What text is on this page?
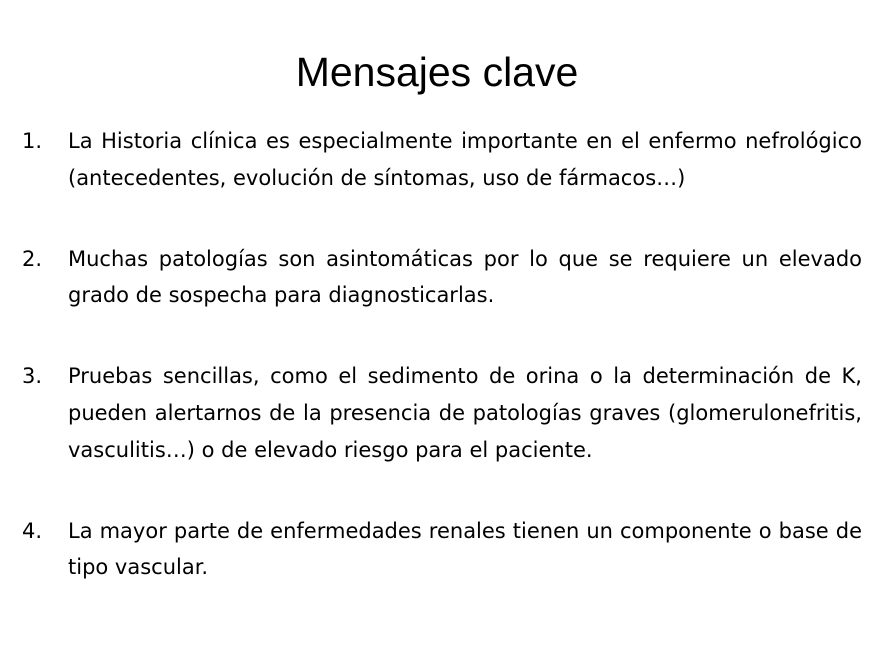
Mensajes clave
1. La Historia clínica es especialmente importante en el enfermo nefrológico (antecedentes, evolución de síntomas, uso de fármacos…)
2. Muchas patologías son asintomáticas por lo que se requiere un elevado grado de sospecha para diagnosticarlas.
3. Pruebas sencillas, como el sedimento de orina o la determinación de K, pueden alertarnos de la presencia de patologías graves (glomerulonefritis, vasculitis…) o de elevado riesgo para el paciente.
4. La mayor parte de enfermedades renales tienen un componente o base de tipo vascular.
